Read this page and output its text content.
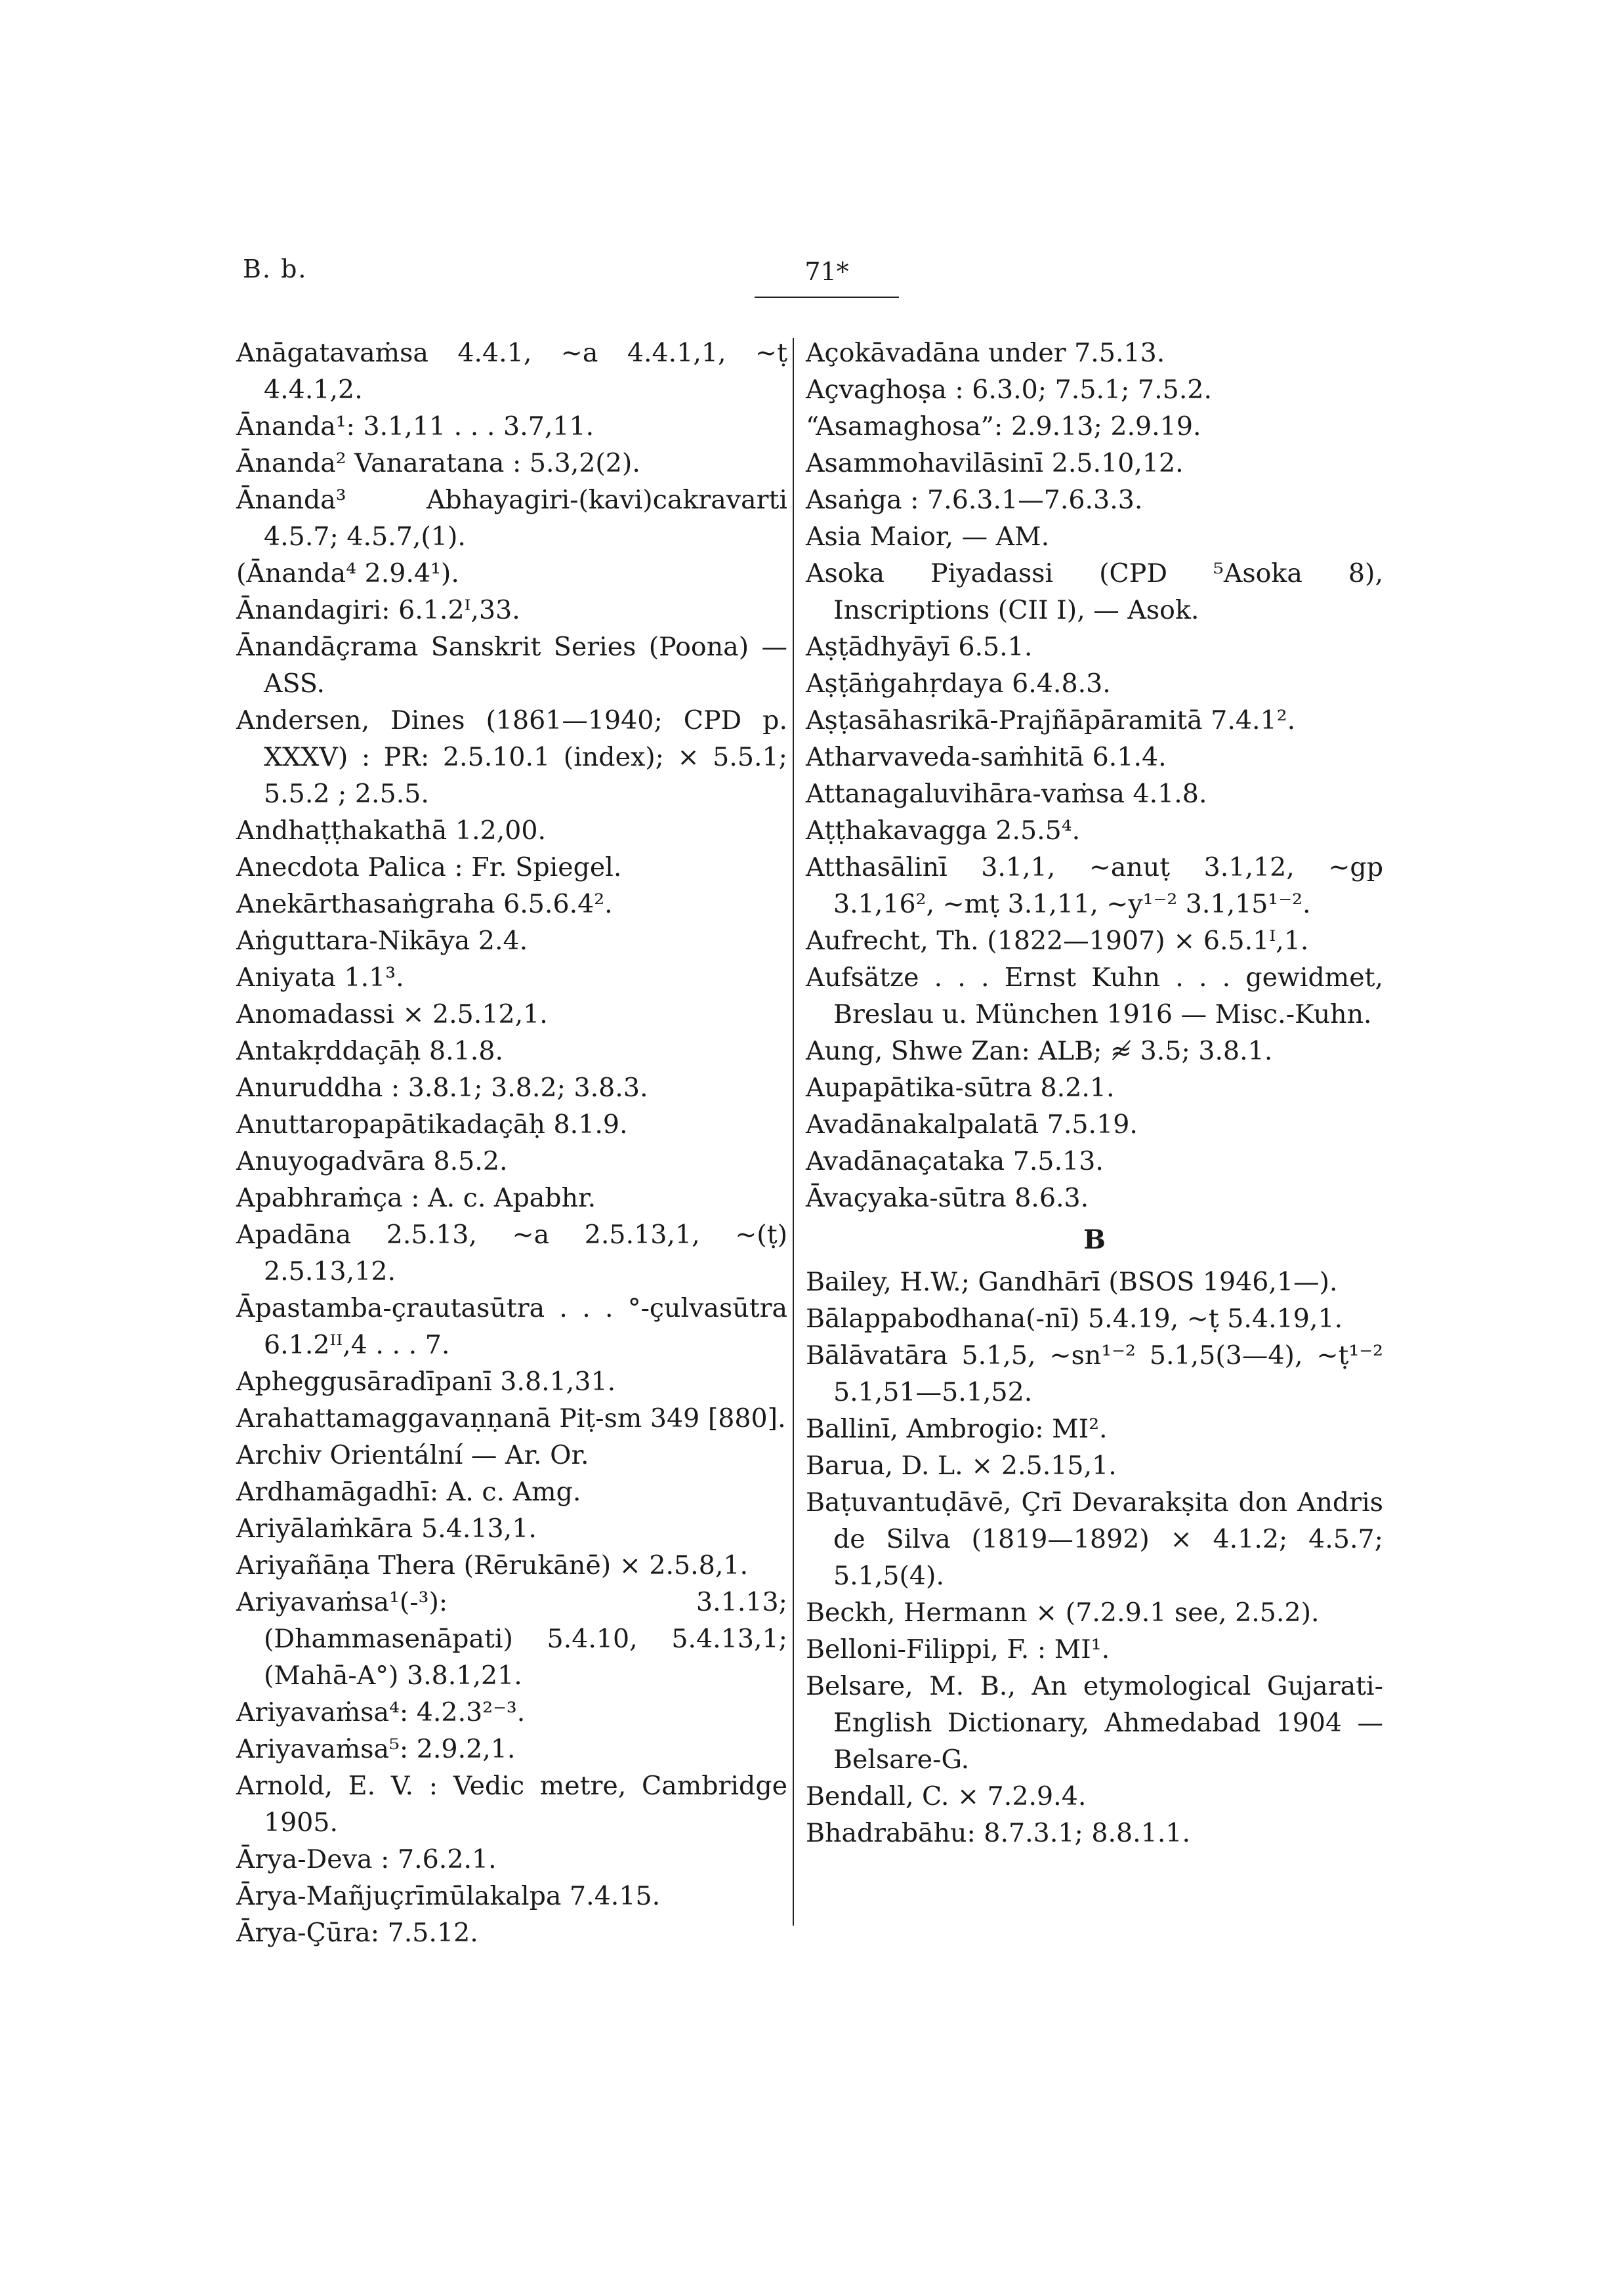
B. b.	71*
Anāgatavaṁsa 4.4.1, ~a 4.4.1,1, ~ṭ 4.4.1,2.
Ānanda¹: 3.1,11 . . . 3.7,11.
Ānanda² Vanaratana : 5.3,2(2).
Ānanda³ Abhayagiri-(kavi)cakravarti 4.5.7; 4.5.7,(1).
(Ānanda⁴ 2.9.4¹).
Ānandagiri: 6.1.2ᴵ,33.
Ānandāçrama Sanskrit Series (Poona) — ASS.
Andersen, Dines (1861—1940; CPD p. XXXV) : PR: 2.5.10.1 (index); × 5.5.1; 5.5.2 ; 2.5.5.
Andhaṭṭhakathā 1.2,00.
Anecdota Palica : Fr. Spiegel.
Anekārthasaṅgraha 6.5.6.4².
Aṅguttara-Nikāya 2.4.
Aniyata 1.1³.
Anomadassi × 2.5.12,1.
Antakṛddaçāḥ 8.1.8.
Anuruddha : 3.8.1; 3.8.2; 3.8.3.
Anuttaropapātikadaçāḥ 8.1.9.
Anuyogadvāra 8.5.2.
Apabhraṁça : A. c. Apabhr.
Apadāna 2.5.13, ~a 2.5.13,1, ~(ṭ) 2.5.13,12.
Āpastamba-çrautasūtra . . . °-çulvasūtra 6.1.2ᴵᴵ,4 . . . 7.
Apheggusāradīpanī 3.8.1,31.
Arahattamaggavaṇṇanā Piṭ-sm 349 [880].
Archiv Orientální — Ar. Or.
Ardhamāgadhī: A. c. Amg.
Ariyālaṁkāra 5.4.13,1.
Ariyañāṇa Thera (Rērukānē) × 2.5.8,1.
Ariyavaṁsa¹(-³): 3.1.13; (Dhammasenāpati) 5.4.10, 5.4.13,1; (Mahā-A°) 3.8.1,21.
Ariyavaṁsa⁴: 4.2.3²⁻³.
Ariyavaṁsa⁵: 2.9.2,1.
Arnold, E. V. : Vedic metre, Cambridge 1905.
Ārya-Deva : 7.6.2.1.
Ārya-Mañjuçrīmūlakalpa 7.4.15.
Ārya-Çūra: 7.5.12.
Açokāvadāna under 7.5.13.
Açvaghoṣa : 6.3.0; 7.5.1; 7.5.2.
“Asamaghosa”: 2.9.13; 2.9.19.
Asammohavilāsinī 2.5.10,12.
Asaṅga : 7.6.3.1—7.6.3.3.
Asia Maior, — AM.
Asoka Piyadassi (CPD ⁵Asoka 8), Inscriptions (CII I), — Asok.
Aṣṭādhyāyī 6.5.1.
Aṣṭāṅgahṛdaya 6.4.8.3.
Aṣṭasāhasrikā-Prajñāpāramitā 7.4.1².
Atharvaveda-saṁhitā 6.1.4.
Attanagaluvihāra-vaṁsa 4.1.8.
Aṭṭhakavagga 2.5.5⁴.
Atthasālinī 3.1,1, ~anuṭ 3.1,12, ~gp 3.1,16², ~mṭ 3.1,11, ~y¹⁻² 3.1,15¹⁻².
Aufrecht, Th. (1822—1907) × 6.5.1ᴵ,1.
Aufsätze . . . Ernst Kuhn . . . gewidmet, Breslau u. München 1916 — Misc.-Kuhn.
Aung, Shwe Zan: ALB; ≉ 3.5; 3.8.1.
Aupapātika-sūtra 8.2.1.
Avadānakalpalatā 7.5.19.
Avadānaçataka 7.5.13.
Āvaçyaka-sūtra 8.6.3.
B
Bailey, H.W.; Gandhārī (BSOS 1946,1—).
Bālappabodhana(-nī) 5.4.19, ~ṭ 5.4.19,1.
Bālāvatāra 5.1,5, ~sn¹⁻² 5.1,5(3—4), ~ṭ¹⁻² 5.1,51—5.1,52.
Ballinī, Ambrogio: MI².
Barua, D. L. × 2.5.15,1.
Baṭuvantuḍāvē, Çrī Devarakṣita don Andris de Silva (1819—1892) × 4.1.2; 4.5.7; 5.1,5(4).
Beckh, Hermann × (7.2.9.1 see, 2.5.2).
Belloni-Filippi, F. : MI¹.
Belsare, M. B., An etymological Gujarati-English Dictionary, Ahmedabad 1904 — Belsare-G.
Bendall, C. × 7.2.9.4.
Bhadrabāhu: 8.7.3.1; 8.8.1.1.
